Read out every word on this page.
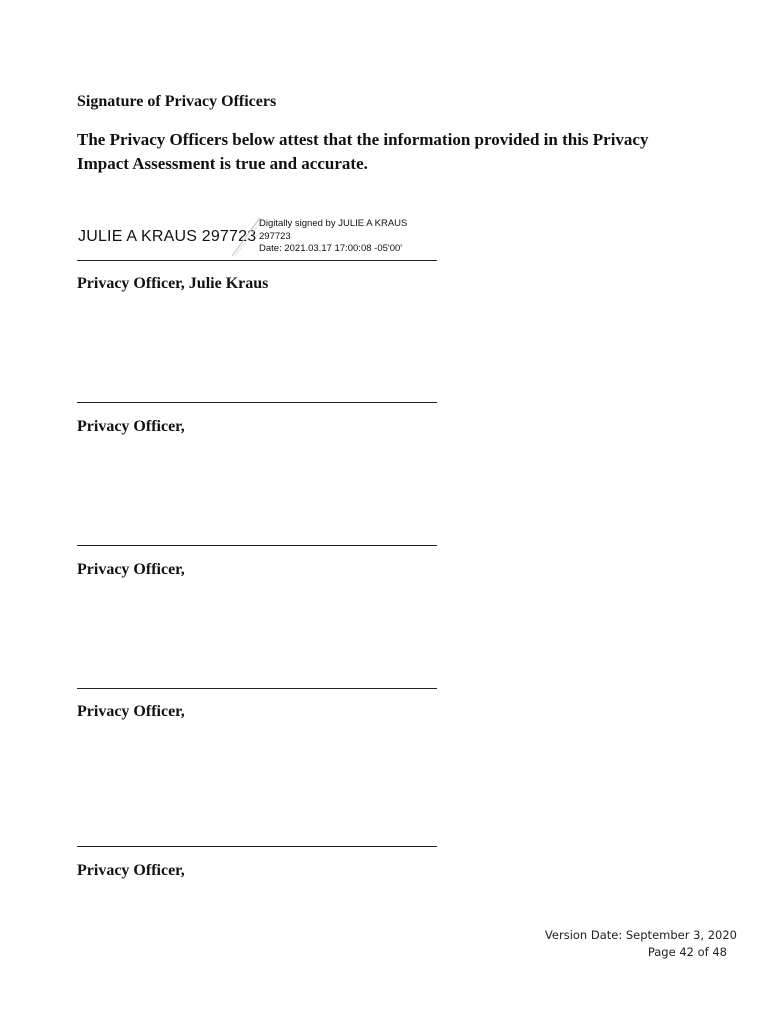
Signature of Privacy Officers
The Privacy Officers below attest that the information provided in this Privacy Impact Assessment is true and accurate.
JULIE A KRAUS 297723
Digitally signed by JULIE A KRAUS
297723
Date: 2021.03.17 17:00:08 -05'00'
Privacy Officer, Julie Kraus
Privacy Officer,
Privacy Officer,
Privacy Officer,
Privacy Officer,
Version Date: September 3, 2020
Page 42 of 48
